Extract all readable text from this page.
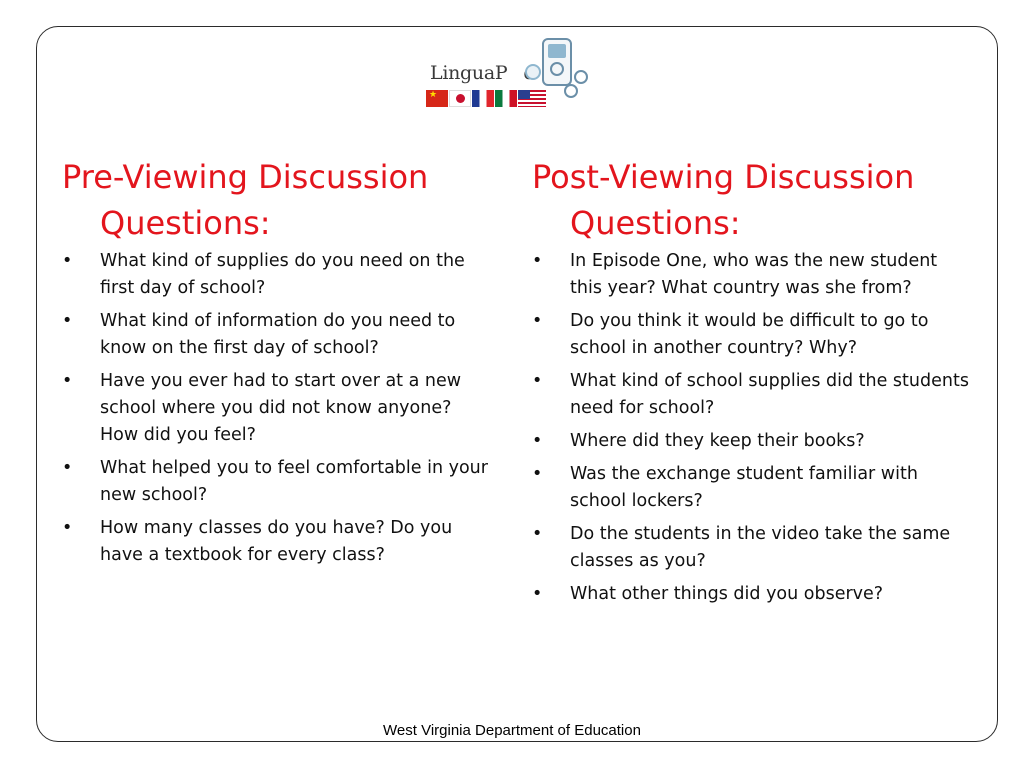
LinguaP
★
Pre-Viewing Discussion Questions:
• What kind of supplies do you need on the first day of school?
• What kind of information do you need to know on the first day of school?
• Have you ever had to start over at a new school where you did not know anyone? How did you feel?
• What helped you to feel comfortable in your new school?
• How many classes do you have? Do you have a textbook for every class?
Post-Viewing Discussion Questions:
• In Episode One, who was the new student this year? What country was she from?
• Do you think it would be difficult to go to school in another country? Why?
• What kind of school supplies did the students need for school?
• Where did they keep their books?
• Was the exchange student familiar with school lockers?
• Do the students in the video take the same classes as you?
• What other things did you observe?
West Virginia Department of Education
